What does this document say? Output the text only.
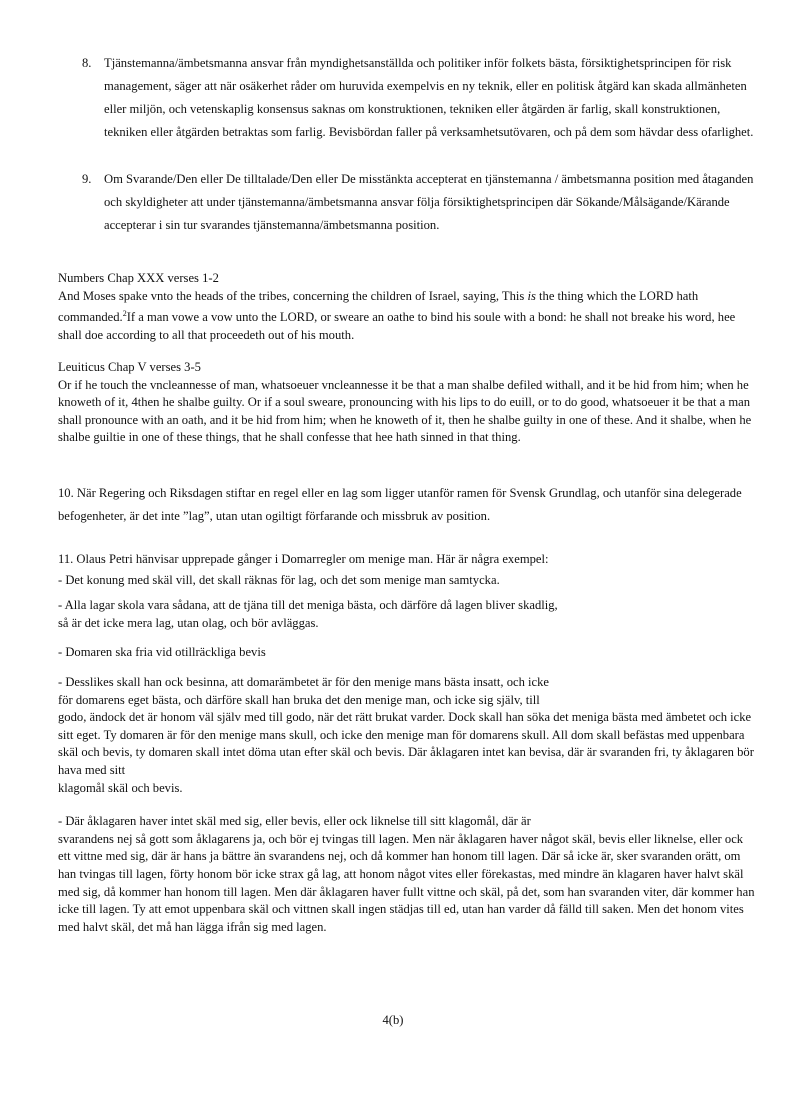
8. Tjänstemanna/ämbetsmanna ansvar från myndighetsanställda och politiker inför folkets bästa, försiktighetsprincipen för risk management, säger att när osäkerhet råder om huruvida exempelvis en ny teknik, eller en politisk åtgärd kan skada allmänheten eller miljön, och vetenskaplig konsensus saknas om konstruktionen, tekniken eller åtgärden är farlig, skall konstruktionen, tekniken eller åtgärden betraktas som farlig. Bevisbördan faller på verksamhetsutövaren, och på dem som hävdar dess ofarlighet.
9. Om Svarande/Den eller De tilltalade/Den eller De misstänkta accepterat en tjänstemanna / ämbetsmanna position med åtaganden och skyldigheter att under tjänstemanna/ämbetsmanna ansvar följa försiktighetsprincipen där Sökande/Målsägande/Kärande accepterar i sin tur svarandes tjänstemanna/ämbetsmanna position.

Numbers Chap XXX verses 1-2

And Moses spake vnto the heads of the tribes, concerning the children of Israel, saying, This is the thing which the LORD hath commanded.$^2$If a man vowe a vow unto the LORD, or sweare an oathe to bind his soule with a bond: he shall not breake his word, hee shall doe according to all that proceedeth out of his mouth.

Leuiticus Chap V verses 3-5

Or if he touch the vncleannesse of man, whatsoeuer vncleannesse it be that a man shalbe defiled withall, and it be hid from him; when he knoweth of it, 4then he shalbe guilty. Or if a soul sweare, pronouncing with his lips to do euill, or to do good, whatsoeuer it be that a man shall pronounce with an oath, and it be hid from him; when he knoweth of it, then he shalbe guilty in one of these. And it shalbe, when he shalbe guiltie in one of these things, that he shall confesse that hee hath sinned in that thing.

10. När Regering och Riksdagen stiftar en regel eller en lag som ligger utanför ramen för Svensk Grundlag, och utanför sina delegerade befogenheter, är det inte ”lag”, utan utan ogiltigt förfarande och missbruk av position.

11. Olaus Petri hänvisar upprepade gånger i Domarregler om menige man. Här är några exempel:

- Det konung med skäl vill, det skall räknas för lag, och det som menige man samtycka.

- Alla lagar skola vara sådana, att de tjäna till det meniga bästa, och därföre då lagen bliver skadlig,

så är det icke mera lag, utan olag, och bör avläggas.

- Domaren ska fria vid otillräckliga bevis

- Desslikes skall han ock besinna, att domarämbetet är för den menige mans bästa insatt, och icke

för domarens eget bästa, och därföre skall han bruka det den menige man, och icke sig själv, till

godo, ändock det är honom väl själv med till godo, när det rätt brukat varder. Dock skall han söka det meniga bästa med ämbetet och icke sitt eget. Ty domaren är för den menige mans skull, och icke den menige man för domarens skull. All dom skall befästas med uppenbara skäl och bevis, ty domaren skall intet döma utan efter skäl och bevis. Där åklagaren intet kan bevisa, där är svaranden fri, ty åklagaren bör hava med sitt

klagomål skäl och bevis.

- Där åklagaren haver intet skäl med sig, eller bevis, eller ock liknelse till sitt klagomål, där är

svarandens nej så gott som åklagarens ja, och bör ej tvingas till lagen. Men när åklagaren haver något skäl, bevis eller liknelse, eller ock ett vittne med sig, där är hans ja bättre än svarandens nej, och då kommer han honom till lagen. Där så icke är, sker svaranden orätt, om han tvingas till lagen, förty honom bör icke strax gå lag, att honom något vites eller förekastas, med mindre än klagaren haver halvt skäl med sig, då kommer han honom till lagen. Men där åklagaren haver fullt vittne och skäl, på det, som han svaranden viter, där kommer han icke till lagen. Ty att emot uppenbara skäl och vittnen skall ingen städjas till ed, utan han varder då fälld till saken. Men det honom vites med halvt skäl, det må han lägga ifrån sig med lagen.

4(b)
